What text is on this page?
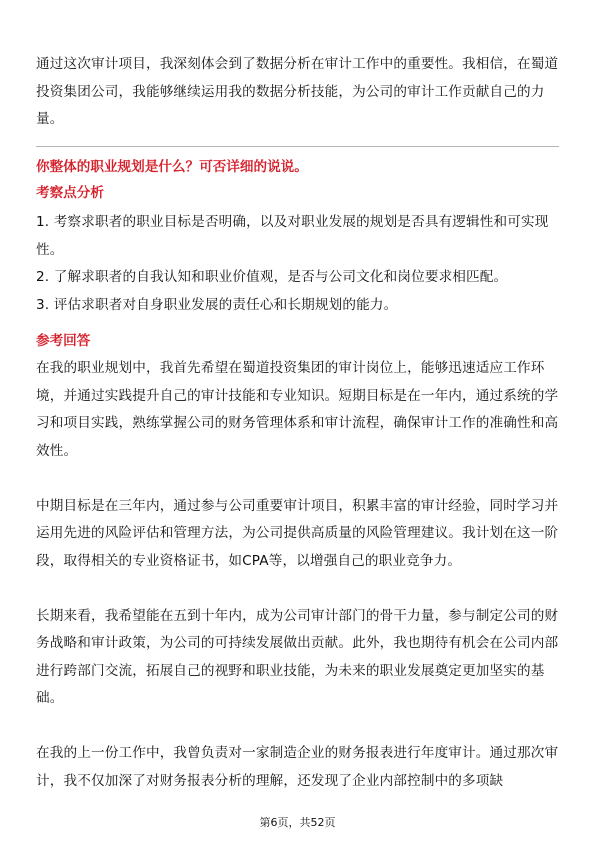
通过这次审计项目，我深刻体会到了数据分析在审计工作中的重要性。我相信，在蜀道投资集团公司，我能够继续运用我的数据分析技能，为公司的审计工作贡献自己的力量。

你整体的职业规划是什么？可否详细的说说。
考察点分析

1. 考察求职者的职业目标是否明确，以及对职业发展的规划是否具有逻辑性和可实现性。

2. 了解求职者的自我认知和职业价值观，是否与公司文化和岗位要求相匹配。

3. 评估求职者对自身职业发展的责任心和长期规划的能力。

参考回答

在我的职业规划中，我首先希望在蜀道投资集团的审计岗位上，能够迅速适应工作环境，并通过实践提升自己的审计技能和专业知识。短期目标是在一年内，通过系统的学习和项目实践，熟练掌握公司的财务管理体系和审计流程，确保审计工作的准确性和高效性。

中期目标是在三年内，通过参与公司重要审计项目，积累丰富的审计经验，同时学习并运用先进的风险评估和管理方法，为公司提供高质量的风险管理建议。我计划在这一阶段，取得相关的专业资格证书，如CPA等，以增强自己的职业竞争力。

长期来看，我希望能在五到十年内，成为公司审计部门的骨干力量，参与制定公司的财务战略和审计政策，为公司的可持续发展做出贡献。此外，我也期待有机会在公司内部进行跨部门交流，拓展自己的视野和职业技能，为未来的职业发展奠定更加坚实的基础。

在我的上一份工作中，我曾负责对一家制造企业的财务报表进行年度审计。通过那次审计，我不仅加深了对财务报表分析的理解，还发现了企业内部控制中的多项缺

第6页，共52页
